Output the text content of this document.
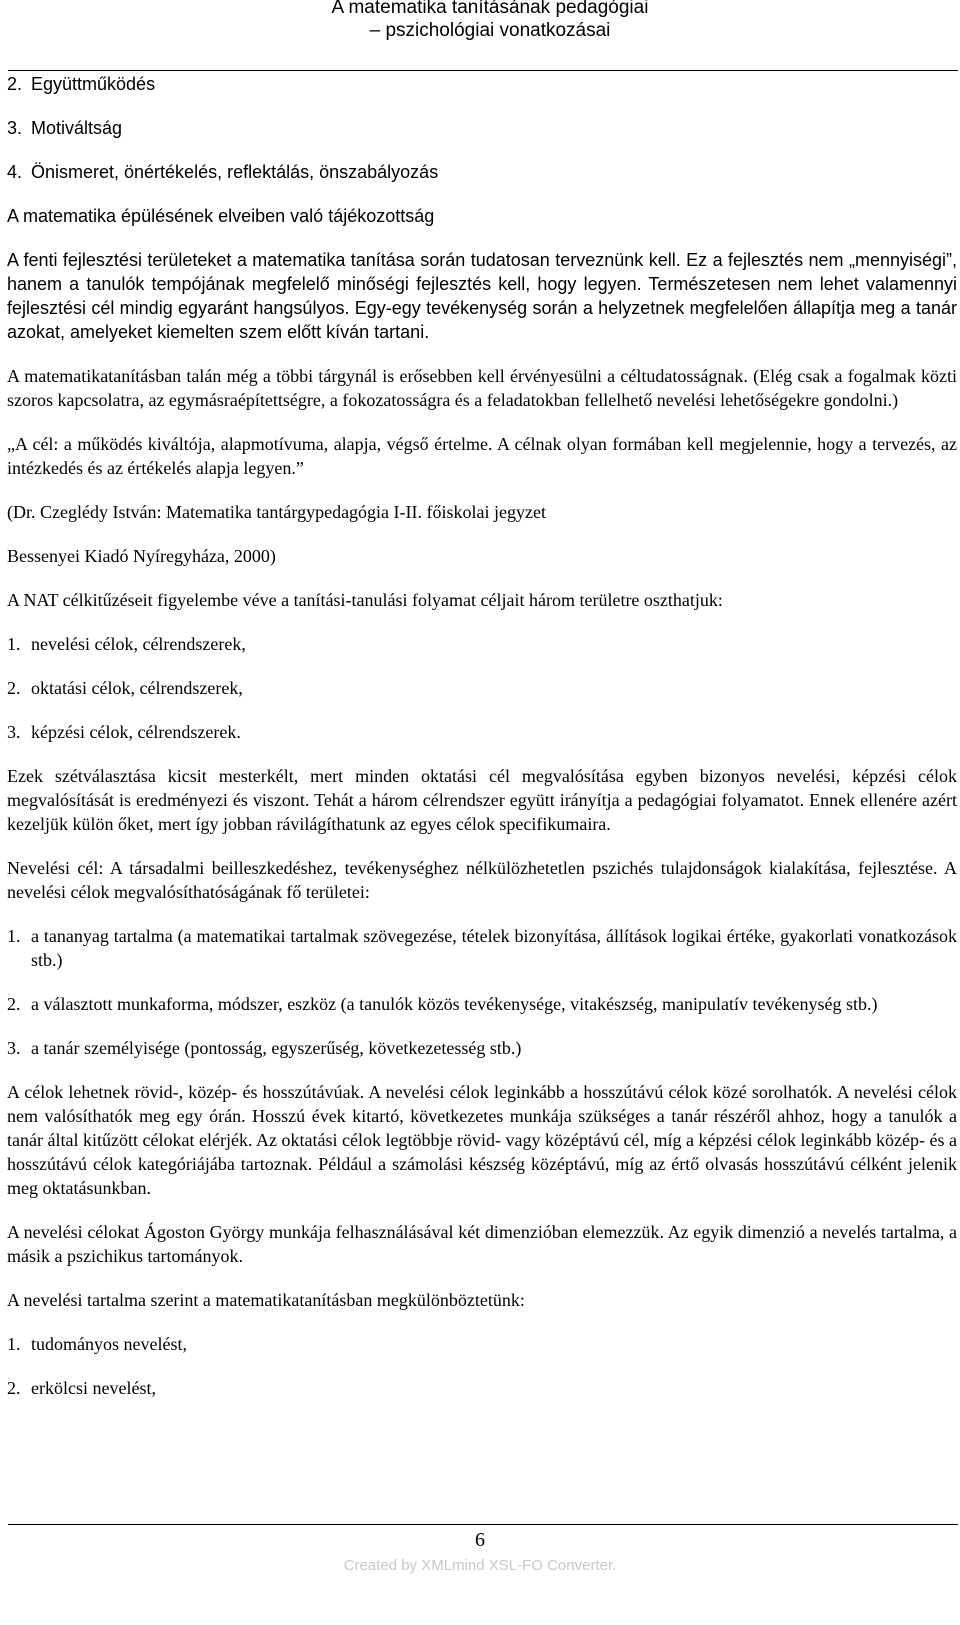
A matematika tanításának pedagógiai – pszichológiai vonatkozásai
2. Együttműködés
3. Motiváltság
4. Önismeret, önértékelés, reflektálás, önszabályozás

A matematika épülésének elveiben való tájékozottság

A fenti fejlesztési területeket a matematika tanítása során tudatosan terveznünk kell. Ez a fejlesztés nem „mennyiségi”, hanem a tanulók tempójának megfelelő minőségi fejlesztés kell, hogy legyen. Természetesen nem lehet valamennyi fejlesztési cél mindig egyaránt hangsúlyos. Egy-egy tevékenység során a helyzetnek megfelelően állapítja meg a tanár azokat, amelyeket kiemelten szem előtt kíván tartani.

A matematikatanításban talán még a többi tárgynál is erősebben kell érvényesülni a céltudatosságnak. (Elég csak a fogalmak közti szoros kapcsolatra, az egymásraépítettségre, a fokozatosságra és a feladatokban fellelhető nevelési lehetőségekre gondolni.)

„A cél: a működés kiváltója, alapmotívuma, alapja, végső értelme. A célnak olyan formában kell megjelennie, hogy a tervezés, az intézkedés és az értékelés alapja legyen.”

(Dr. Czeglédy István: Matematika tantárgypedagógia I-II. főiskolai jegyzet

Bessenyei Kiadó Nyíregyháza, 2000)

A NAT célkitűzéseit figyelembe véve a tanítási-tanulási folyamat céljait három területre oszthatjuk:

1. nevelési célok, célrendszerek,
2. oktatási célok, célrendszerek,
3. képzési célok, célrendszerek.

Ezek szétválasztása kicsit mesterkélt, mert minden oktatási cél megvalósítása egyben bizonyos nevelési, képzési célok megvalósítását is eredményezi és viszont. Tehát a három célrendszer együtt irányítja a pedagógiai folyamatot. Ennek ellenére azért kezeljük külön őket, mert így jobban rávilágíthatunk az egyes célok specifikumaira.

Nevelési cél: A társadalmi beilleszkedéshez, tevékenységhez nélkülözhetetlen pszichés tulajdonságok kialakítása, fejlesztése. A nevelési célok megvalósíthatóságának fő területei:

1. a tananyag tartalma (a matematikai tartalmak szövegezése, tételek bizonyítása, állítások logikai értéke, gyakorlati vonatkozások stb.)
2. a választott munkaforma, módszer, eszköz (a tanulók közös tevékenysége, vitakészség, manipulatív tevékenység stb.)
3. a tanár személyisége (pontosság, egyszerűség, következetesség stb.)

A célok lehetnek rövid-, közép- és hosszútávúak. A nevelési célok leginkább a hosszútávú célok közé sorolhatók. A nevelési célok nem valósíthatók meg egy órán. Hosszú évek kitartó, következetes munkája szükséges a tanár részéről ahhoz, hogy a tanulók a tanár által kitűzött célokat elérjék. Az oktatási célok legtöbbje rövid- vagy középtávú cél, míg a képzési célok leginkább közép- és a hosszútávú célok kategóriájába tartoznak. Például a számolási készség középtávú, míg az értő olvasás hosszútávú célként jelenik meg oktatásunkban.

A nevelési célokat Ágoston György munkája felhasználásával két dimenzióban elemezzük. Az egyik dimenzió a nevelés tartalma, a másik a pszichikus tartományok.

A nevelési tartalma szerint a matematikatanításban megkülönböztetünk:

1. tudományos nevelést,
2. erkölcsi nevelést,
6
Created by XMLmind XSL-FO Converter.
